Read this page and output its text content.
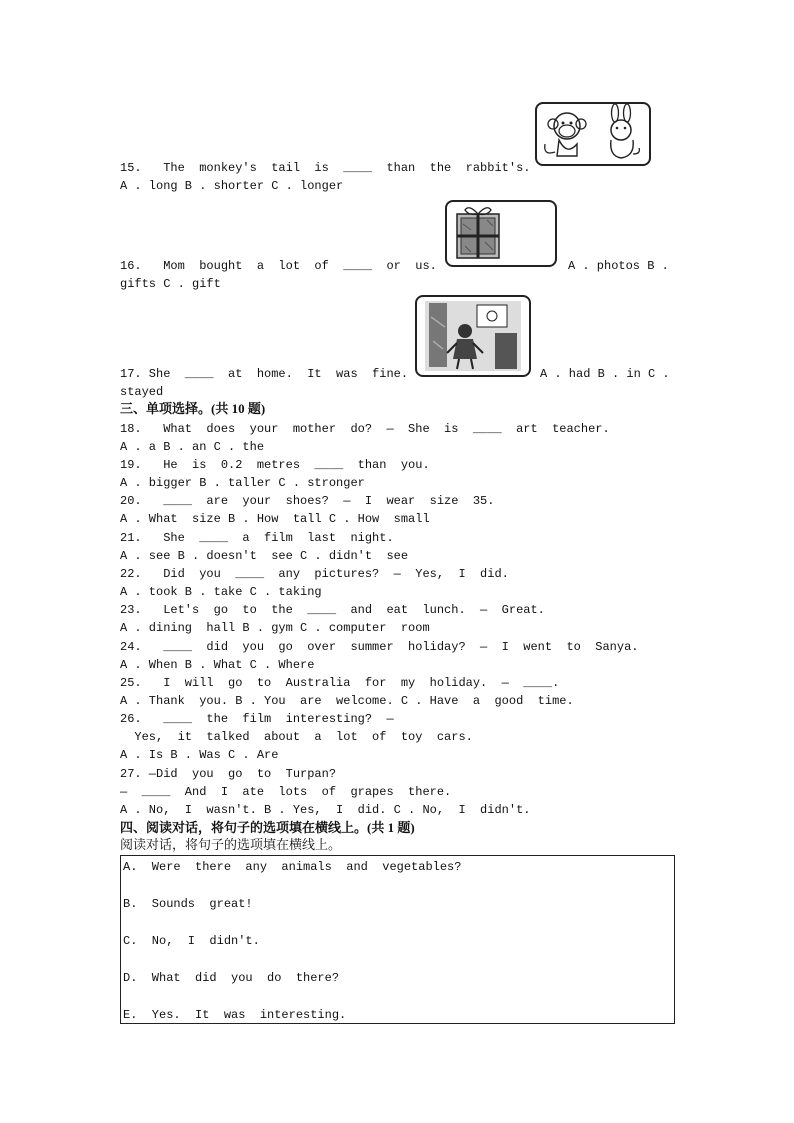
15.   The  monkey's  tail  is  ____  than  the  rabbit's.
A . long B . shorter C . longer
16.   Mom  bought  a  lot  of  ____  or  us.	A . photos B .
gifts C . gift
17. She  ____  at  home.  It  was  fine.	A . had B . in C .
stayed
三、单项选择。(共 10 题)
18.   What  does  your  mother  do?  —  She  is  ____  art  teacher.
A . a B . an C . the
19.   He  is  0.2  metres  ____  than  you.
A . bigger B . taller C . stronger
20.   ____  are  your  shoes?  —  I  wear  size  35.
A . What  size B . How  tall C . How  small
21.   She  ____  a  film  last  night.
A . see B . doesn't  see C . didn't  see
22.   Did  you  ____  any  pictures?  —  Yes,  I  did.
A . took B . take C . taking
23.   Let's  go  to  the  ____  and  eat  lunch.  —  Great.
A . dining  hall B . gym C . computer  room
24.   ____  did  you  go  over  summer  holiday?  —  I  went  to  Sanya.
A . When B . What C . Where
25.   I  will  go  to  Australia  for  my  holiday.  —  ____.
A . Thank  you. B . You  are  welcome. C . Have  a  good  time.
26.   ____  the  film  interesting?  —
Yes,  it  talked  about  a  lot  of  toy  cars.
A . Is B . Was C . Are
27. —Did  you  go  to  Turpan?
—  ____  And  I  ate  lots  of  grapes  there.
A . No,  I  wasn't. B . Yes,  I  did. C . No,  I  didn't.
四、阅读对话，将句子的选项填在横线上。(共 1 题)
阅读对话，将句子的选项填在横线上。
A.  Were  there  any  animals  and  vegetables?
B.  Sounds  great!
C.  No,  I  didn't.
D.  What  did  you  do  there?
E.  Yes.  It  was  interesting.
